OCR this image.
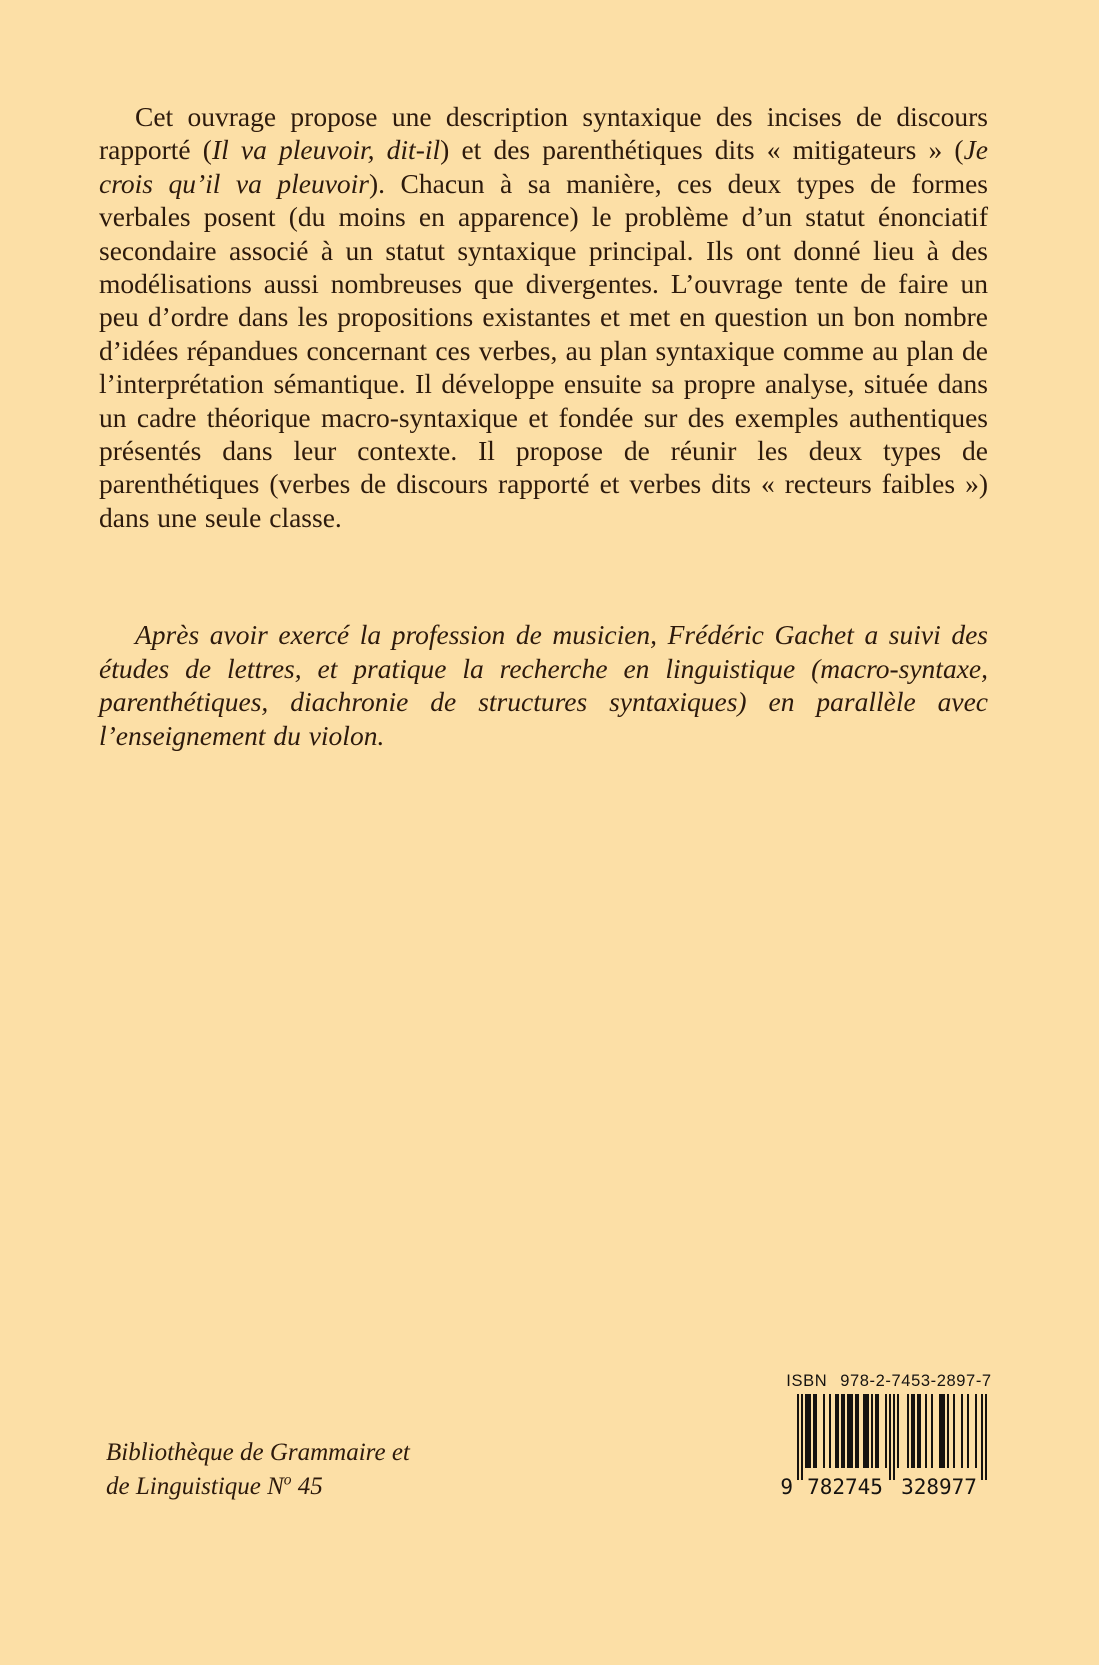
Cet ouvrage propose une description syntaxique des incises de discours rapporté (Il va pleuvoir, dit-il) et des parenthétiques dits « mitigateurs » (Je crois qu’il va pleuvoir). Chacun à sa manière, ces deux types de formes verbales posent (du moins en apparence) le problème d’un statut énonciatif secondaire associé à un statut syntaxique principal. Ils ont donné lieu à des modélisations aussi nombreuses que divergentes. L’ouvrage tente de faire un peu d’ordre dans les propositions existantes et met en question un bon nombre d’idées répandues concernant ces verbes, au plan syntaxique comme au plan de l’interprétation sémantique. Il développe ensuite sa propre analyse, située dans un cadre théorique macro-syntaxique et fondée sur des exemples authentiques présentés dans leur contexte. Il propose de réunir les deux types de parenthétiques (verbes de discours rapporté et verbes dits « recteurs faibles ») dans une seule classe.

Après avoir exercé la profession de musicien, Frédéric Gachet a suivi des études de lettres, et pratique la recherche en linguistique (macro-syntaxe, parenthétiques, diachronie de structures syntaxiques) en parallèle avec l’enseignement du violon.

Bibliothèque de Grammaire et
de Linguistique $N^o$ 45
ISBN 978-2-7453-2897-7
9 782745 328977
